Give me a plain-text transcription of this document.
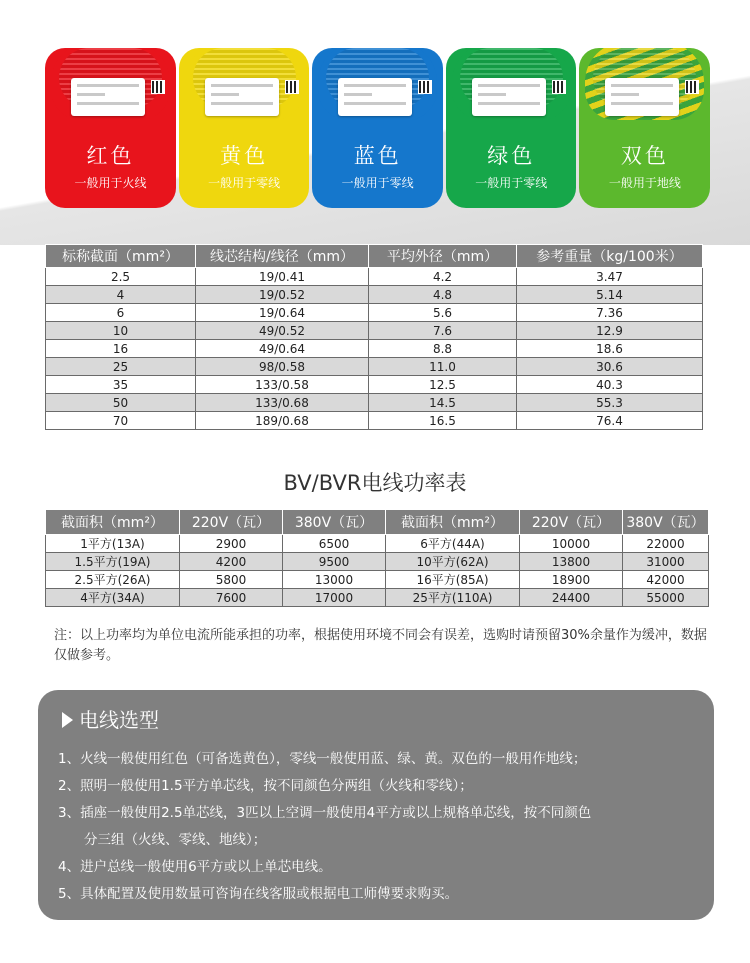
红色
一般用于火线
黄色
一般用于零线
蓝色
一般用于零线
绿色
一般用于零线
双色
一般用于地线
标称截面（mm²）	线芯结构/线径（mm）	平均外径（mm）	参考重量（kg/100米）
2.5	19/0.41	4.2	3.47
4	19/0.52	4.8	5.14
6	19/0.64	5.6	7.36
10	49/0.52	7.6	12.9
16	49/0.64	8.8	18.6
25	98/0.58	11.0	30.6
35	133/0.58	12.5	40.3
50	133/0.68	14.5	55.3
70	189/0.68	16.5	76.4
BV/BVR电线功率表
截面积（mm²）	220V（瓦）	380V（瓦）	截面积（mm²）	220V（瓦）	380V（瓦）
1平方(13A)	2900	6500	6平方(44A)	10000	22000
1.5平方(19A)	4200	9500	10平方(62A)	13800	31000
2.5平方(26A)	5800	13000	16平方(85A)	18900	42000
4平方(34A)	7600	17000	25平方(110A)	24400	55000
注：以上功率均为单位电流所能承担的功率，根据使用环境不同会有误差，选购时请预留30%余量作为缓冲，数据仅做参考。
电线选型
1、火线一般使用红色（可备选黄色），零线一般使用蓝、绿、黄。双色的一般用作地线；
2、照明一般使用1.5平方单芯线，按不同颜色分两组（火线和零线）；
3、插座一般使用2.5单芯线，3匹以上空调一般使用4平方或以上规格单芯线，按不同颜色
分三组（火线、零线、地线）；
4、进户总线一般使用6平方或以上单芯电线。
5、具体配置及使用数量可咨询在线客服或根据电工师傅要求购买。
